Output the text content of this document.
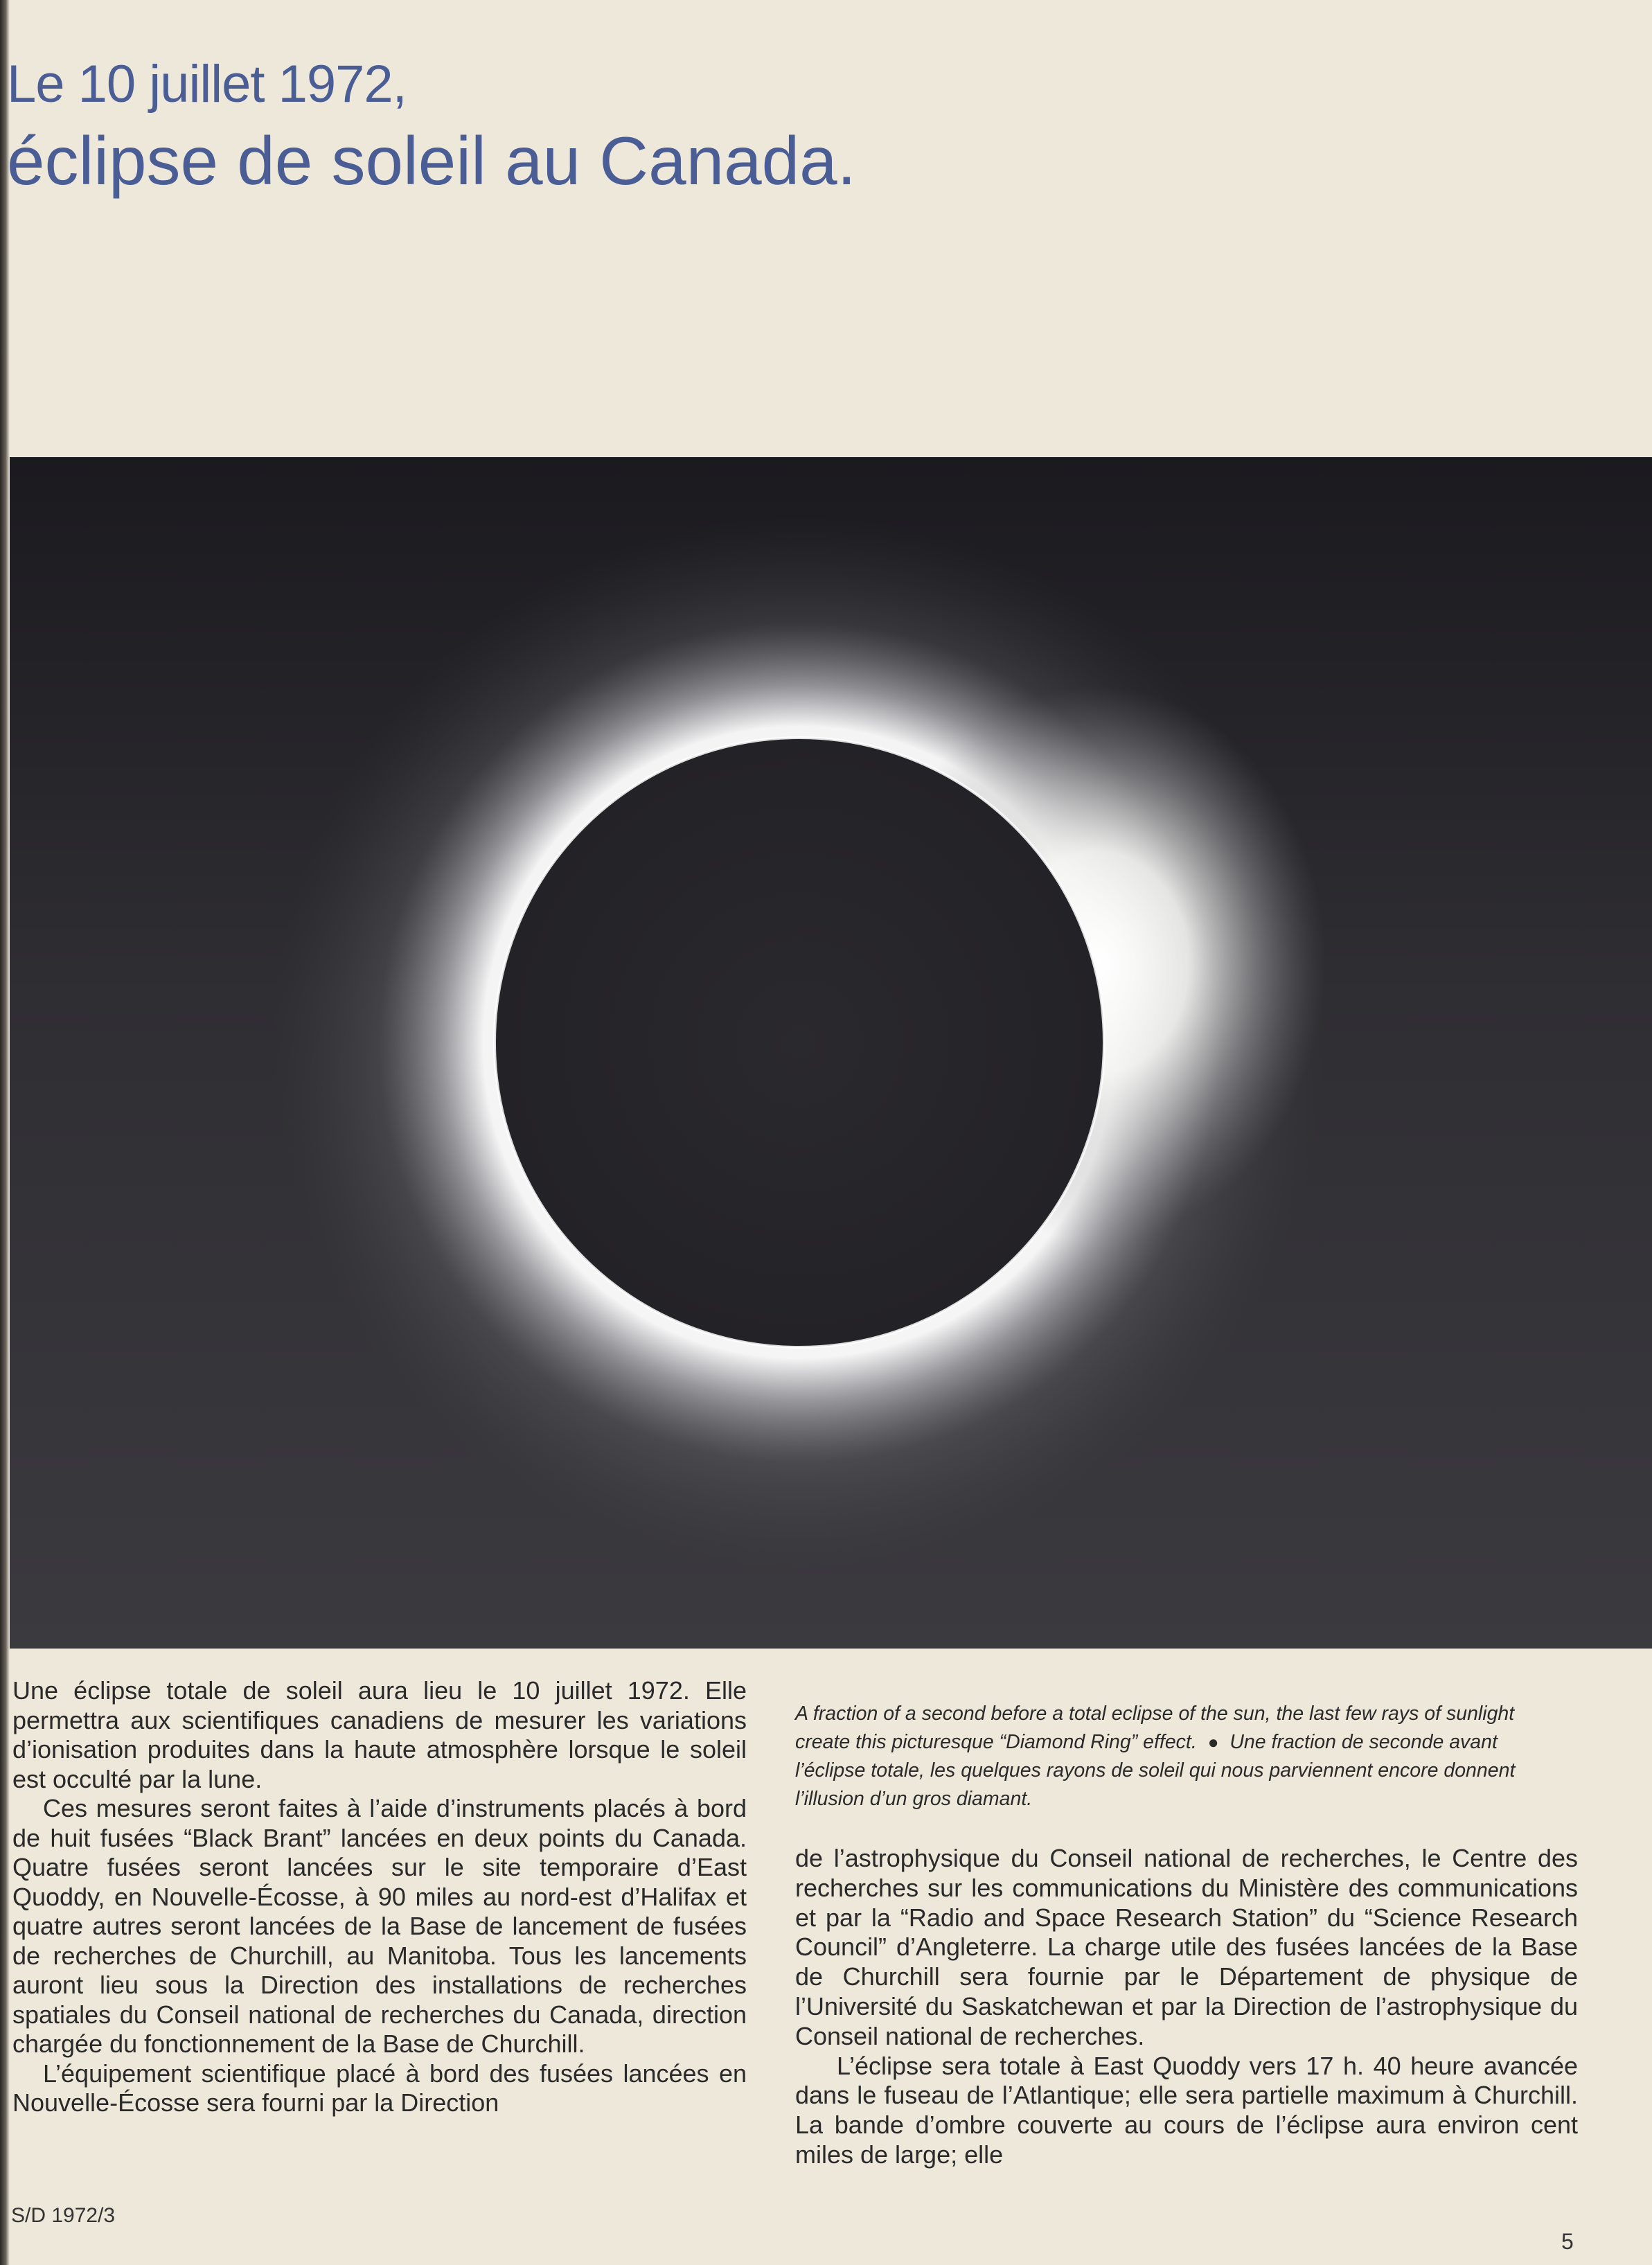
Le 10 juillet 1972,
éclipse de soleil au Canada.

Une éclipse totale de soleil aura lieu le 10 juillet 1972. Elle permettra aux scientifiques canadiens de mesurer les variations d’ionisation produites dans la haute atmosphère lorsque le soleil est occulté par la lune.

Ces mesures seront faites à l’aide d’instruments placés à bord de huit fusées “Black Brant” lancées en deux points du Canada. Quatre fusées seront lancées sur le site temporaire d’East Quoddy, en Nouvelle-Écosse, à 90 miles au nord-est d’Halifax et quatre autres seront lancées de la Base de lancement de fusées de recherches de Churchill, au Manitoba. Tous les lancements auront lieu sous la Direction des installations de recherches spatiales du Conseil national de recherches du Canada, direction chargée du fonctionnement de la Base de Churchill.

L’équipement scientifique placé à bord des fusées lancées en Nouvelle-Écosse sera fourni par la Direction

A fraction of a second before a total eclipse of the sun, the last few rays of sunlight create this picturesque “Diamond Ring” effect. ● Une fraction de seconde avant l’éclipse totale, les quelques rayons de soleil qui nous parviennent encore donnent l’illusion d’un gros diamant.

de l’astrophysique du Conseil national de recherches, le Centre des recherches sur les communications du Ministère des communications et par la “Radio and Space Research Station” du “Science Research Council” d’Angleterre. La charge utile des fusées lancées de la Base de Churchill sera fournie par le Département de physique de l’Université du Saskatchewan et par la Direction de l’astrophysique du Conseil national de recherches.

L’éclipse sera totale à East Quoddy vers 17 h. 40 heure avancée dans le fuseau de l’Atlantique; elle sera partielle maximum à Churchill. La bande d’ombre couverte au cours de l’éclipse aura environ cent miles de large; elle

S/D 1972/3
5
